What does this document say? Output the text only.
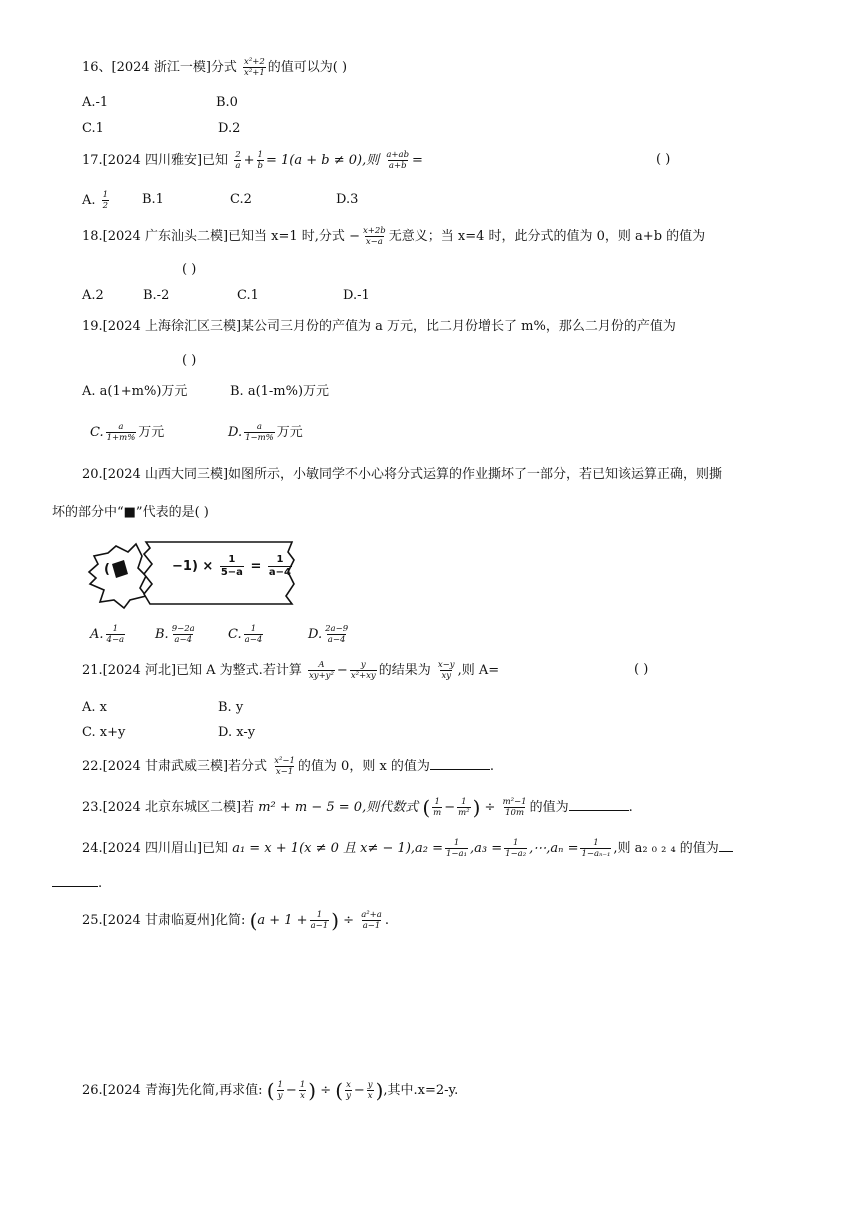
16、[2024 浙江一模]分式 $\frac{\text{x²+2}}{\text{x²+1}}$ 的值可以为( )
A.-1	B.0
C.1	D.2
17.[2024 四川雅安]已知 $\frac{2}{a} + \frac{1}{b} = 1(a + b \ne 0)$,则 $\frac{a+ab}{a+b}$ =	( )
A. $\frac{1}{2}$	B.1	C.2	D.3
18.[2024 广东汕头二模]已知当 x=1 时,分式 − $\frac{x+2b}{x-a}$ 无意义；当 x=4 时，此分式的值为 0，则 a+b 的值为
( )
A.2	B.-2	C.1	D.-1
19.[2024 上海徐汇区三模]某公司三月份的产值为 a 万元，比二月份增长了 m%，那么二月份的产值为
( )
A. a(1+m%)万元	B. a(1-m%)万元
C. $\frac{a}{1+m\%}$ 万元	D. $\frac{a}{1-m\%}$ 万元
20.[2024 山西大同三模]如图所示，小敏同学不小心将分式运算的作业撕坏了一部分，若已知该运算正确，则撕
坏的部分中“■”代表的是( )
(	$-1) \times \frac{1}{5-a} = \frac{1}{a-4}$
A. $\frac{1}{4-a} B$. $\frac{9-2a}{a-4} C$. $\frac{1}{a-4}$	D. $\frac{2a-9}{a-4}$
21.[2024 河北]已知 A 为整式.若计算 $\frac{A}{\text{xy+y²}} - \frac{y}{\text{x²+xy}}$ 的结果为 $\frac{x-y}{xy}$ ,则 A=	( )
A. x	B. y
C. x+y	D. x-y
22.[2024 甘肃武威三模]若分式 $\frac{\text{x²−1}}{x-1}$ 的值为 0，则 x 的值为	.
23.[2024 北京东城区二模]若 m² + m − 5 = 0,则代数式 ( $\frac{1}{m} - \frac{1}{\text{m²}}$ ) ÷ $\frac{\text{m²−1}}{10m}$ 的值为	.
24.[2024 四川眉山]已知 a₁ = x + 1(x ≠ 0 且 $x\ne - 1),a_2 = \frac{1}{\text{1−a₁}} ,a_3 = \frac{1}{\text{1−a₂}}$ ,⋯,aₙ = $\frac{1}{\text{1−aₙ₋₁}}$ ,则 a₂ ₀ ₂ ₄ 的值为
.
25.[2024 甘肃临夏州]化简: ($a + 1 + \frac{1}{a-1}$ ) ÷ $\frac{\text{a²+a}}{a-1}$ .
26.[2024 青海]先化简,再求值: ( $\frac{1}{y} - \frac{1}{x}$ ) ÷ ( $\frac{x}{y} - \frac{y}{x}$ ),其中.x=2-y.
